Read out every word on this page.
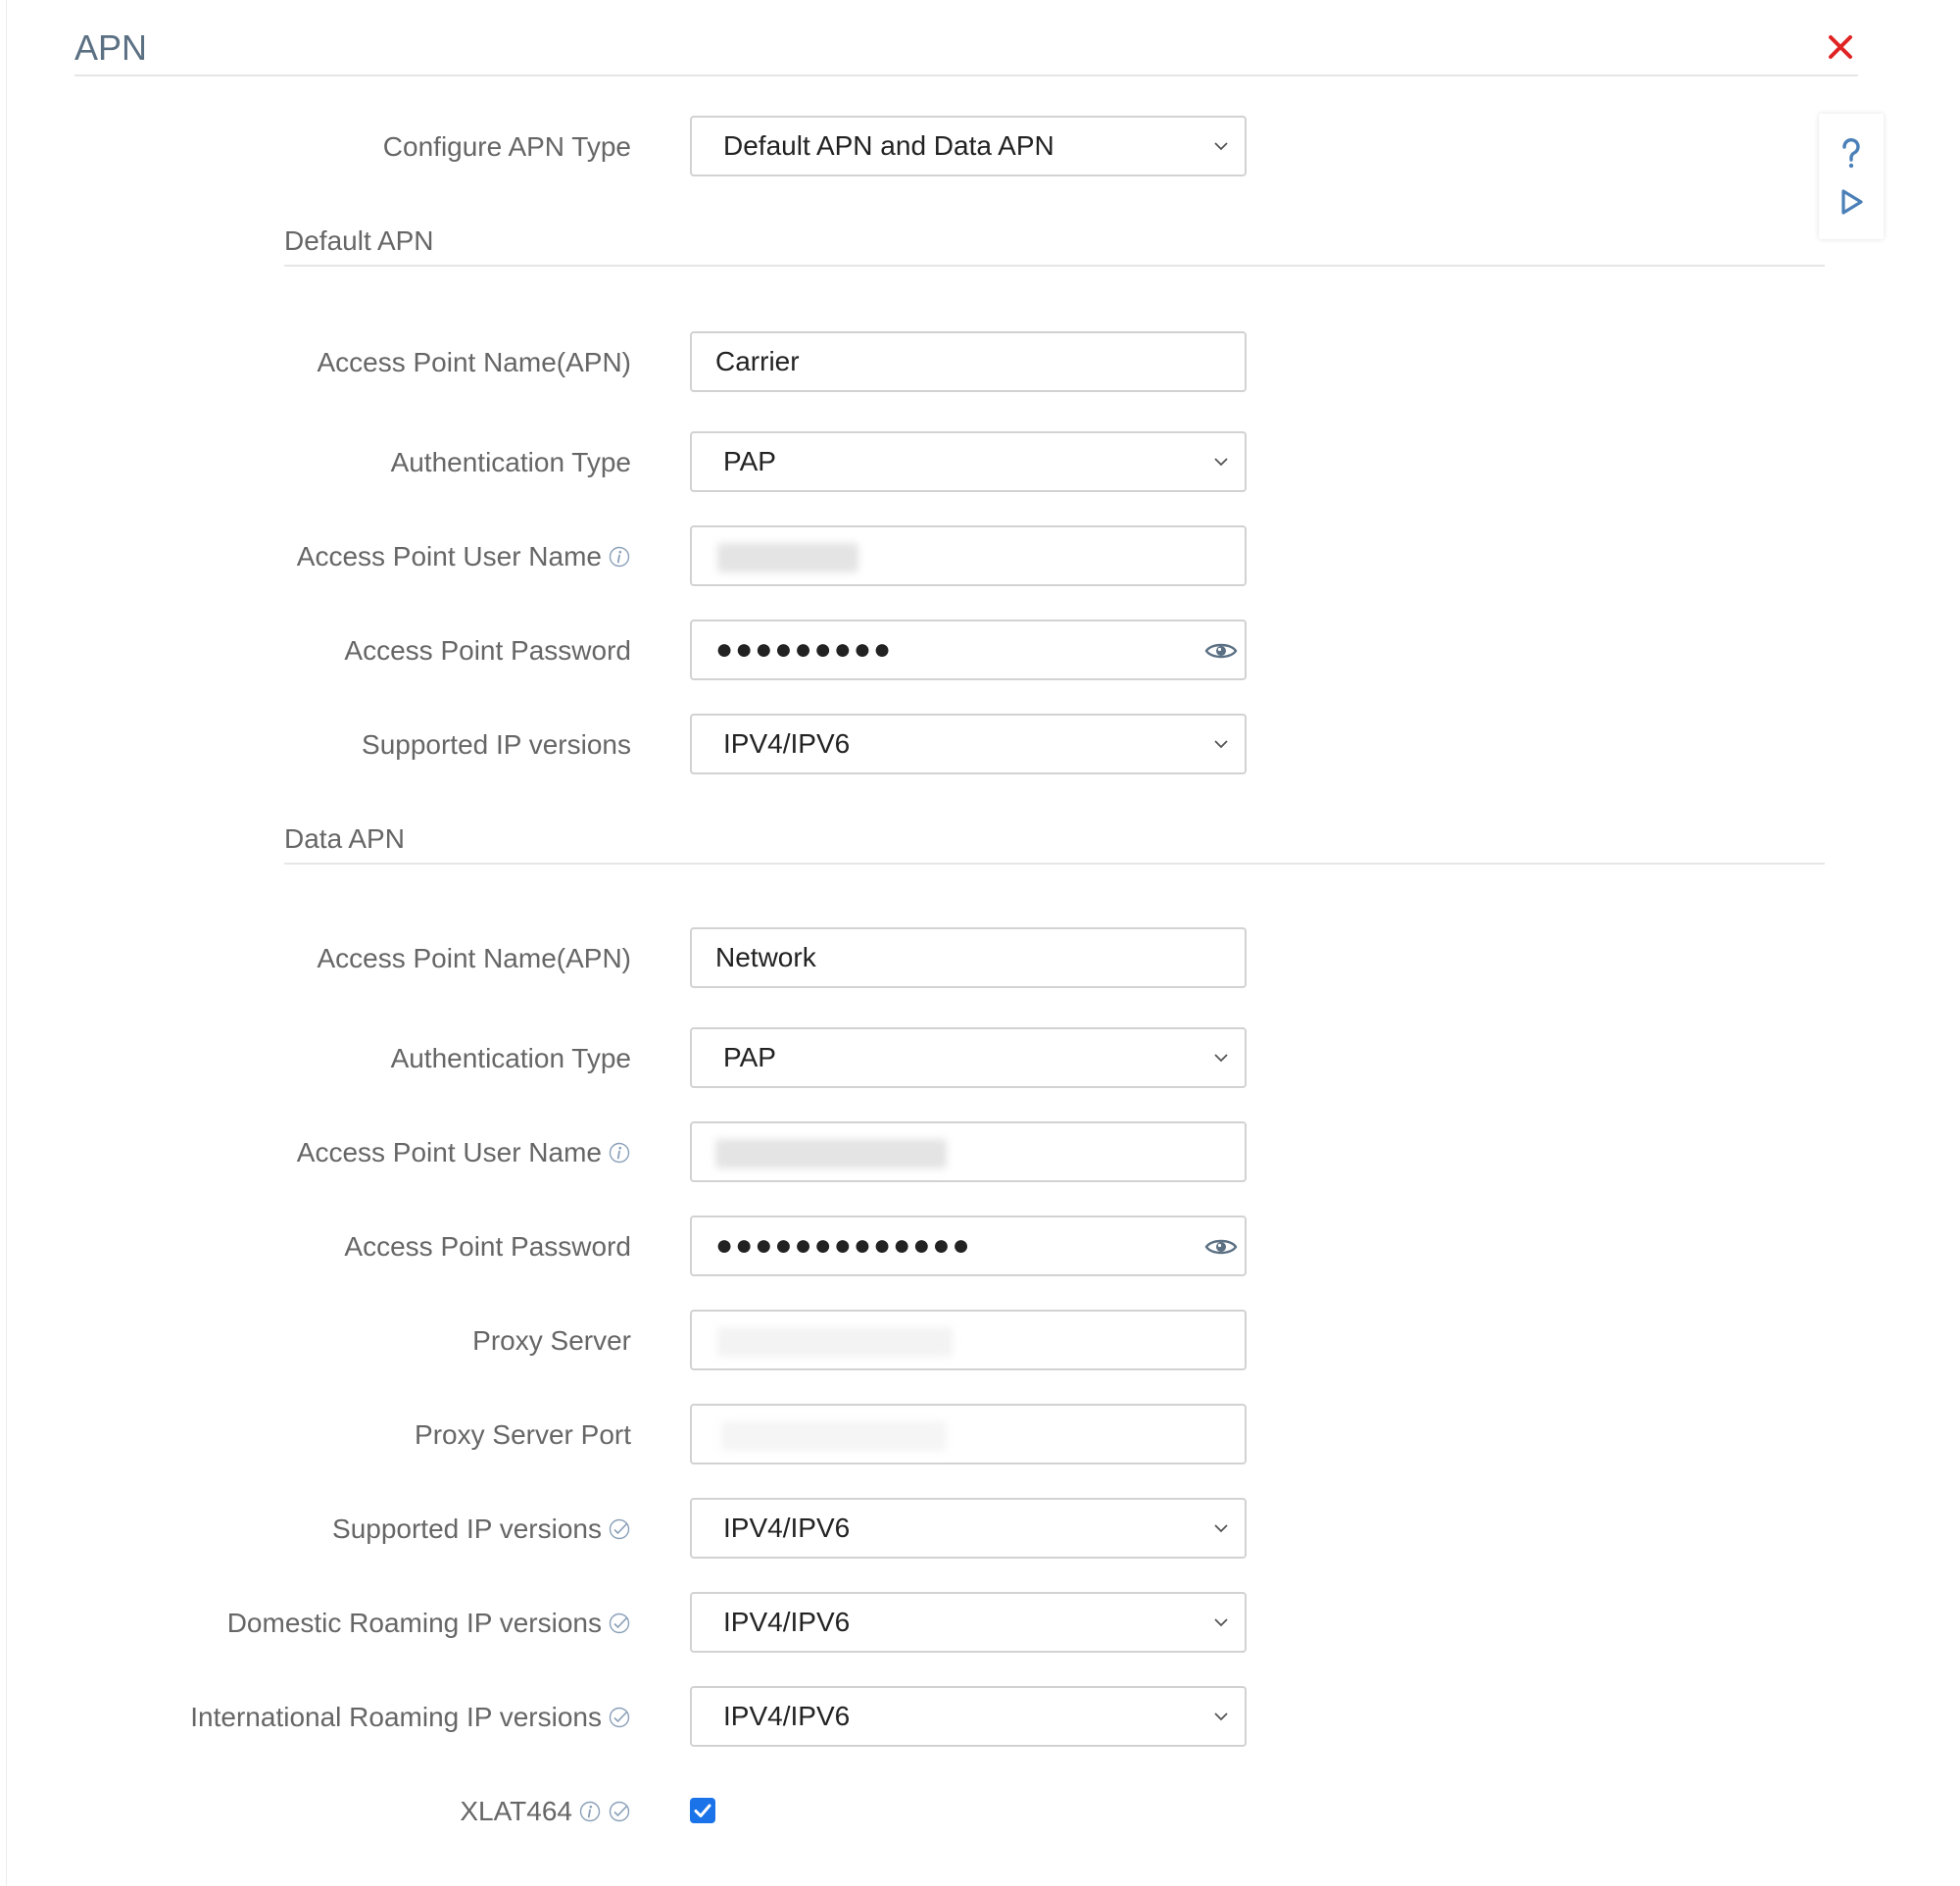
APN
Configure APN Type	Default APN and Data APN
Default APN
Access Point Name(APN)	Carrier
Authentication Type	PAP
Access Point User Name
Access Point Password	●●●●●●●●●
Supported IP versions	IPV4/IPV6
Data APN
Access Point Name(APN)	Network
Authentication Type	PAP
Access Point User Name
Access Point Password	●●●●●●●●●●●●●
Proxy Server
Proxy Server Port
Supported IP versions	IPV4/IPV6
Domestic Roaming IP versions	IPV4/IPV6
International Roaming IP versions	IPV4/IPV6
XLAT464
